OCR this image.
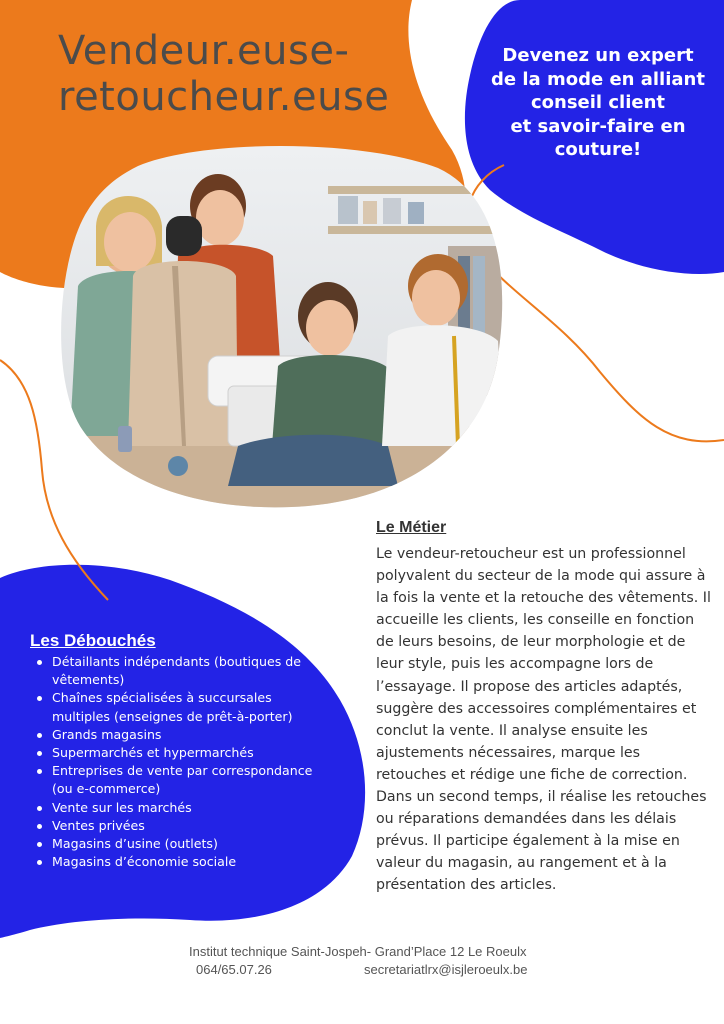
Vendeur.euse-
retoucheur.euse
Devenez un expert
de la mode en alliant
conseil client
et savoir-faire en
couture!
Le Métier
Le vendeur-retoucheur est un professionnel polyvalent du secteur de la mode qui assure à la fois la vente et la retouche des vêtements. Il accueille les clients, les conseille en fonction de leurs besoins, de leur morphologie et de leur style, puis les accompagne lors de l’essayage. Il propose des articles adaptés, suggère des accessoires complémentaires et conclut la vente. Il analyse ensuite les ajustements nécessaires, marque les retouches et rédige une fiche de correction. Dans un second temps, il réalise les retouches ou réparations demandées dans les délais prévus. Il participe également à la mise en valeur du magasin, au rangement et à la présentation des articles.
Les Débouchés
Détaillants indépendants (boutiques de vêtements)
Chaînes spécialisées à succursales multiples (enseignes de prêt-à-porter)
Grands magasins
Supermarchés et hypermarchés
Entreprises de vente par correspondance (ou e-commerce)
Vente sur les marchés
Ventes privées
Magasins d’usine (outlets)
Magasins d’économie sociale
Institut technique Saint-Jospeh- Grand’Place 12 Le Roeulx
064/65.07.26	secretariatlrx@isjleroeulx.be
